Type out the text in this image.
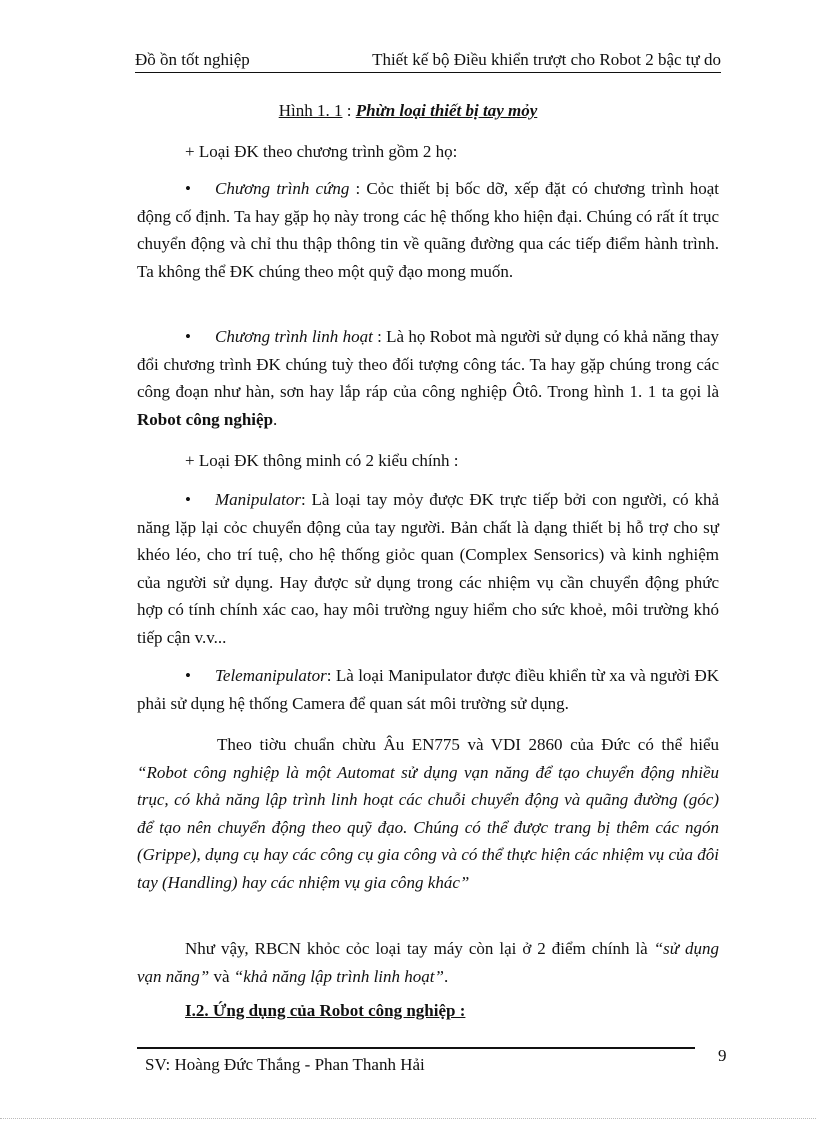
Đồ ồn tốt nghiệp	Thiết kế bộ Điều khiển trượt cho Robot 2 bậc tự do
Hình 1. 1 : Phừn loại thiết bị tay mỏy

+ Loại ĐK theo chương trình gồm 2 họ:

• Chương trình cứng : Cỏc thiết bị bốc dỡ, xếp đặt có chương trình hoạt động cố định. Ta hay gặp họ này trong các hệ thống kho hiện đại. Chúng có rất ít trục chuyển động và chỉ thu thập thông tin về quãng đường qua các tiếp điểm hành trình. Ta không thể ĐK chúng theo một quỹ đạo mong muốn.

• Chương trình linh hoạt : Là họ Robot mà người sử dụng có khả năng thay đổi chương trình ĐK chúng tuỳ theo đối tượng công tác. Ta hay gặp chúng trong các công đoạn như hàn, sơn hay lắp ráp của công nghiệp Ôtô. Trong hình 1. 1 ta gọi là Robot công nghiệp.

+ Loại ĐK thông minh có 2 kiểu chính :

• Manipulator: Là loại tay mỏy được ĐK trực tiếp bởi con người, có khả năng lặp lại cỏc chuyển động của tay người. Bản chất là dạng thiết bị hỗ trợ cho sự khéo léo, cho trí tuệ, cho hệ thống giỏc quan (Complex Sensorics) và kinh nghiệm của người sử dụng. Hay được sử dụng trong các nhiệm vụ cần chuyển động phức hợp có tính chính xác cao, hay môi trường nguy hiểm cho sức khoẻ, môi trường khó tiếp cận v.v...

• Telemanipulator: Là loại Manipulator được điều khiển từ xa và người ĐK phải sử dụng hệ thống Camera để quan sát môi trường sử dụng.

Theo tiờu chuẩn chừu Âu EN775 và VDI 2860 của Đức có thể hiểu “Robot công nghiệp là một Automat sử dụng vạn năng để tạo chuyển động nhiều trục, có khả năng lập trình linh hoạt các chuỗi chuyển động và quãng đường (góc) để tạo nên chuyển động theo quỹ đạo. Chúng có thể được trang bị thêm các ngón (Grippe), dụng cụ hay các công cụ gia công và có thể thực hiện các nhiệm vụ của đôi tay (Handling) hay các nhiệm vụ gia công khác”

Như vậy, RBCN khỏc cỏc loại tay máy còn lại ở 2 điểm chính là “sử dụng vạn năng” và “khả năng lập trình linh hoạt”.

I.2. Ứng dụng của Robot công nghiệp :
SV: Hoàng Đức Thắng - Phan Thanh Hải	9
